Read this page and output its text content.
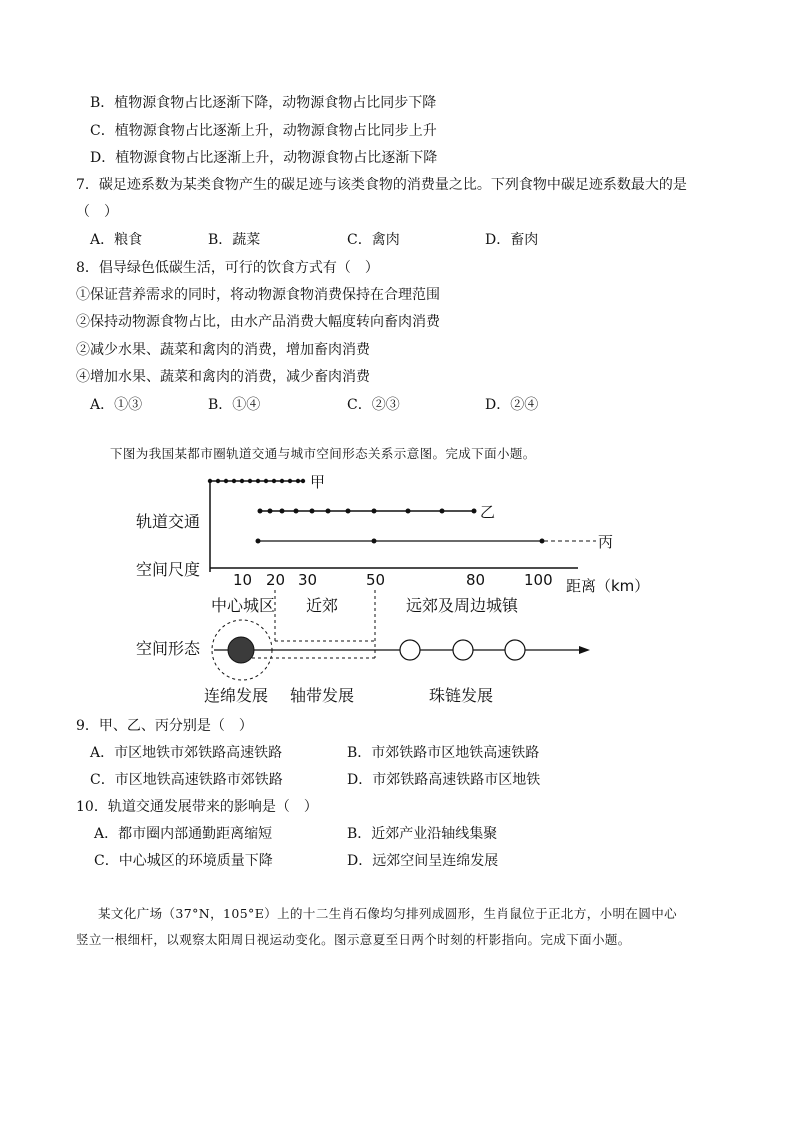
B．植物源食物占比逐渐下降，动物源食物占比同步下降
C．植物源食物占比逐渐上升，动物源食物占比同步上升
D．植物源食物占比逐渐上升，动物源食物占比逐渐下降
7．碳足迹系数为某类食物产生的碳足迹与该类食物的消费量之比。下列食物中碳足迹系数最大的是
（　）
A．粮食	B．蔬菜	C．禽肉	D．畜肉
8．倡导绿色低碳生活，可行的饮食方式有（　）
①保证营养需求的同时，将动物源食物消费保持在合理范围
②保持动物源食物占比，由水产品消费大幅度转向畜肉消费
②减少水果、蔬菜和禽肉的消费，增加畜肉消费
④增加水果、蔬菜和禽肉的消费，减少畜肉消费
A．①③	B．①④	C．②③	D．②④
下图为我国某都市圈轨道交通与城市空间形态关系示意图。完成下面小题。
甲
乙
丙
轨道交通
空间尺度
空间形态
10 20 30	50	80	100 距离（km）
中心城区 近郊	远郊及周边城镇
连绵发展 轴带发展	珠链发展
9．甲、乙、丙分别是（　）
A．市区地铁市郊铁路高速铁路	B．市郊铁路市区地铁高速铁路
C．市区地铁高速铁路市郊铁路	D．市郊铁路高速铁路市区地铁
10．轨道交通发展带来的影响是（　）
A．都市圈内部通勤距离缩短	B．近郊产业沿轴线集聚
C．中心城区的环境质量下降	D．远郊空间呈连绵发展
某文化广场（37°N，105°E）上的十二生肖石像均匀排列成圆形，生肖鼠位于正北方，小明在圆中心
竖立一根细杆，以观察太阳周日视运动变化。图示意夏至日两个时刻的杆影指向。完成下面小题。
